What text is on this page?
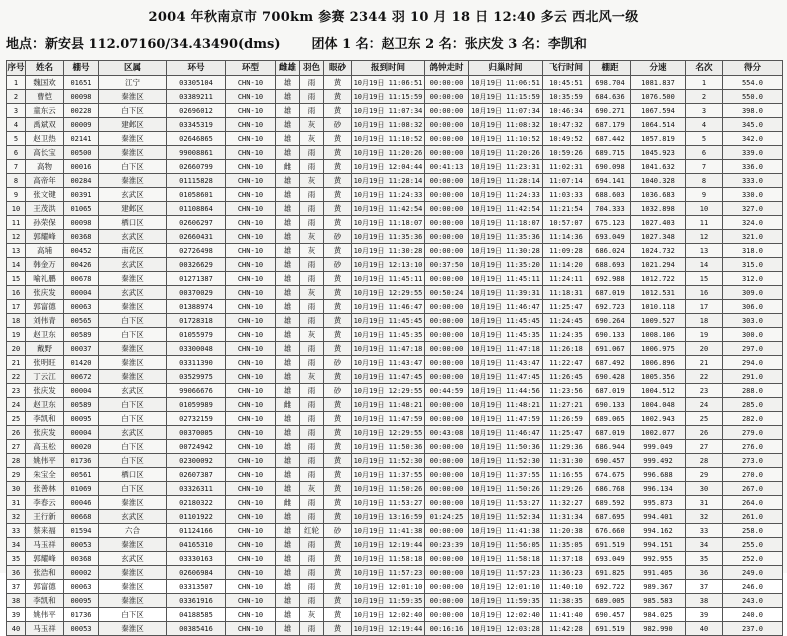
2004 年秋南京市 700km 参赛 2344 羽 10 月 18 日 12:40 多云 西北风一级
地点：新安县 112.07160/34.43490(dms) 团体 1 名：赵卫东 2 名：张庆发 3 名：李凯和
序号	姓名	棚号	区属	环号	环型	雌雄	羽色	眼砂	报到时间	鸽钟走时	归巢时间	飞行时间	棚距	分速	名次	得分
1	魏国欢	01651	江宁	03305104	CHN-10	雄	雨	黄	10月19日 11:06:51	00:00:00	10月19日 11:06:51	10:45:51	698.704	1081.837	1	554.0
2	曹恺	00098	秦淮区	03389211	CHN-10	雄	雨	黄	10月19日 11:15:59	00:00:00	10月19日 11:15:59	10:35:59	684.636	1076.500	2	550.0
3	童东云	00228	白下区	02696012	CHN-10	雄	雨	黄	10月19日 11:07:34	00:00:00	10月19日 11:07:34	10:46:34	690.271	1067.594	3	398.0
4	禹斌双	00009	建邺区	03345319	CHN-10	雄	灰	砂	10月19日 11:08:32	00:00:00	10月19日 11:08:32	10:47:32	687.179	1064.514	4	345.0
5	赵卫热	02141	秦淮区	02646865	CHN-10	雄	灰	黄	10月19日 11:10:52	00:00:00	10月19日 11:10:52	10:49:52	687.442	1057.819	5	342.0
6	高长宝	00500	秦淮区	99008861	CHN-10	雄	雨	黄	10月19日 11:20:26	00:00:00	10月19日 11:20:26	10:59:26	689.715	1045.923	6	339.0
7	高物	00016	白下区	02660799	CHN-10	雌	雨	黄	10月19日 12:04:44	00:41:13	10月19日 11:23:31	11:02:31	690.098	1041.632	7	336.0
8	高帝年	00284	秦淮区	01115828	CHN-10	雄	灰	黄	10月19日 11:28:14	00:00:00	10月19日 11:28:14	11:07:14	694.141	1040.328	8	333.0
9	张文键	00391	玄武区	01058601	CHN-10	雄	雨	黄	10月19日 11:24:33	00:00:00	10月19日 11:24:33	11:03:33	688.603	1036.683	9	330.0
10	王茂洪	01065	建邺区	01108864	CHN-10	雄	雨	黄	10月19日 11:42:54	00:00:00	10月19日 11:42:54	11:21:54	704.333	1032.898	10	327.0
11	孙荣保	00098	栖口区	02606297	CHN-10	雄	雨	黄	10月19日 11:18:07	00:00:00	10月19日 11:18:07	10:57:07	675.123	1027.403	11	324.0
12	郭耀峰	00368	玄武区	02660431	CHN-10	雄	灰	砂	10月19日 11:35:36	00:00:00	10月19日 11:35:36	11:14:36	693.049	1027.348	12	321.0
13	高埔	00452	南花区	02726498	CHN-10	雄	灰	黄	10月19日 11:30:28	00:00:00	10月19日 11:30:28	11:09:28	686.024	1024.732	13	318.0
14	韩金万	00426	玄武区	00326629	CHN-10	雄	雨	砂	10月19日 12:13:10	00:37:50	10月19日 11:35:20	11:14:20	688.693	1021.294	14	315.0
15	喻礼鹏	00678	秦淮区	01271387	CHN-10	雄	雨	黄	10月19日 11:45:11	00:00:00	10月19日 11:45:11	11:24:11	692.988	1012.722	15	312.0
16	张庆发	00004	玄武区	00370029	CHN-10	雄	灰	黄	10月19日 12:29:55	00:50:24	10月19日 11:39:31	11:18:31	687.019	1012.531	16	309.0
17	郭富德	00063	秦淮区	01388974	CHN-10	雄	雨	黄	10月19日 11:46:47	00:00:00	10月19日 11:46:47	11:25:47	692.723	1010.118	17	306.0
18	刘伟青	00565	白下区	01728318	CHN-10	雄	雨	黄	10月19日 11:45:45	00:00:00	10月19日 11:45:45	11:24:45	690.264	1009.527	18	303.0
19	赵卫东	00589	白下区	01055979	CHN-10	雄	灰	黄	10月19日 11:45:35	00:00:00	10月19日 11:45:35	11:24:35	690.133	1008.106	19	300.0
20	戴野	00037	秦淮区	03300048	CHN-10	雄	雨	黄	10月19日 11:47:18	00:00:00	10月19日 11:47:18	11:26:18	691.067	1006.975	20	297.0
21	张明旺	01420	秦淮区	03311390	CHN-10	雄	雨	砂	10月19日 11:43:47	00:00:00	10月19日 11:43:47	11:22:47	687.492	1006.896	21	294.0
22	丁云江	00672	秦淮区	03529975	CHN-10	雄	灰	黄	10月19日 11:47:45	00:00:00	10月19日 11:47:45	11:26:45	690.428	1005.356	22	291.0
23	张庆发	00004	玄武区	99066676	CHN-10	雄	雨	砂	10月19日 12:29:55	00:44:59	10月19日 11:44:56	11:23:56	687.019	1004.512	23	288.0
24	赵卫东	00589	白下区	01059989	CHN-10	雌	雨	黄	10月19日 11:48:21	00:00:00	10月19日 11:48:21	11:27:21	690.133	1004.048	24	285.0
25	李凯和	00095	白下区	02732159	CHN-10	雄	雨	黄	10月19日 11:47:59	00:00:00	10月19日 11:47:59	11:26:59	689.065	1002.943	25	282.0
26	张庆发	00004	玄武区	00370005	CHN-10	雄	雨	黄	10月19日 12:29:55	00:43:08	10月19日 11:46:47	11:25:47	687.019	1002.077	26	279.0
27	高玉松	00020	白下区	00724942	CHN-10	雄	雨	黄	10月19日 11:50:36	00:00:00	10月19日 11:50:36	11:29:36	686.944	999.049	27	276.0
28	姚伟平	01736	白下区	02300092	CHN-10	雄	雨	黄	10月19日 11:52:30	00:00:00	10月19日 11:52:30	11:31:30	690.457	999.492	28	273.0
29	朱宝全	00561	栖口区	02607387	CHN-10	雄	雨	黄	10月19日 11:37:55	00:00:00	10月19日 11:37:55	11:16:55	674.675	996.688	29	270.0
30	张善林	01069	白下区	03326311	CHN-10	雄	灰	黄	10月19日 11:50:26	00:00:00	10月19日 11:50:26	11:29:26	686.768	996.134	30	267.0
31	李春云	00046	秦淮区	02180322	CHN-10	雌	雨	黄	10月19日 11:53:27	00:00:00	10月19日 11:53:27	11:32:27	689.592	995.873	31	264.0
32	王行新	00668	玄武区	01101922	CHN-10	雄	雨	黄	10月19日 13:16:59	01:24:25	10月19日 11:52:34	11:31:34	687.695	994.401	32	261.0
33	蔡来福	01594	六合	01124166	CHN-10	雄	红轮	砂	10月19日 11:41:38	00:00:00	10月19日 11:41:38	11:20:38	676.660	994.162	33	258.0
34	马玉祥	00053	秦淮区	04165310	CHN-10	雄	雨	黄	10月19日 12:19:44	00:23:39	10月19日 11:56:05	11:35:05	691.519	994.151	34	255.0
35	郭耀峰	00368	玄武区	03330163	CHN-10	雄	雨	黄	10月19日 11:58:18	00:00:00	10月19日 11:58:18	11:37:18	693.049	992.955	35	252.0
36	张浩和	00002	秦淮区	02606984	CHN-10	雄	雨	黄	10月19日 11:57:23	00:00:00	10月19日 11:57:23	11:36:23	691.825	991.405	36	249.0
37	郭富德	00063	秦淮区	03313507	CHN-10	雄	雨	黄	10月19日 12:01:10	00:00:00	10月19日 12:01:10	11:40:10	692.722	989.367	37	246.0
38	李凯和	00095	秦淮区	03361916	CHN-10	雄	雨	黄	10月19日 11:59:35	00:00:00	10月19日 11:59:35	11:38:35	689.005	985.583	38	243.0
39	姚伟平	01736	白下区	04188585	CHN-10	雄	灰	黄	10月19日 12:02:40	00:00:00	10月19日 12:02:40	11:41:40	690.457	984.025	39	240.0
40	马玉祥	00053	秦淮区	00385416	CHN-10	雄	雨	黄	10月19日 12:19:44	00:16:16	10月19日 12:03:28	11:42:28	691.519	982.990	40	237.0
